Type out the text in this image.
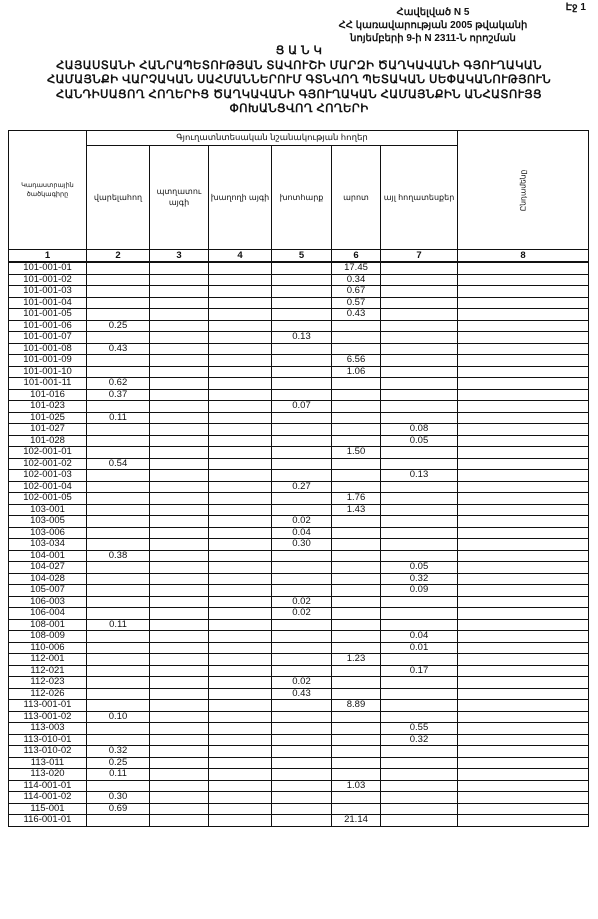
Էջ 1
Հավելված N 5
ՀՀ կառավարության 2005 թվականի
նոյեմբերի 9-ի N 2311-Ն որոշման
Ց Ա Ն Կ
ՀԱՅԱՍՏԱՆԻ ՀԱՆՐԱՊԵՏՈՒԹՅԱՆ ՏԱՎՈՒՇԻ ՄԱՐԶԻ ԾԱՂԿԱՎԱՆԻ ԳՅՈՒՂԱԿԱՆ
ՀԱՄԱՅՆՔԻ ՎԱՐՉԱԿԱՆ ՍԱՀՄԱՆՆԵՐՈՒՄ ԳՏՆՎՈՂ ՊԵՏԱԿԱՆ ՍԵՓԱԿԱՆՈՒԹՅՈՒՆ
ՀԱՆԴԻՍԱՑՈՂ ՀՈՂԵՐԻՑ ԾԱՂԿԱՎԱՆԻ ԳՅՈՒՂԱԿԱՆ ՀԱՄԱՅՆՔԻՆ ԱՆՀԱՏՈՒՅՑ
ՓՈԽԱՆՑՎՈՂ ՀՈՂԵՐԻ
Կադաստրային ծածկագիրը	Գյուղատնտեսական նշանակության հողեր						Ընդամենը
	վարելահող	պտղատու այգի	խաղողի այգի	խոտհարք	արոտ	այլ հողատեսքեր	
1	2	3	4	5	6	7	8
101-001-01					17.45		
101-001-02					0.34		
101-001-03					0.67		
101-001-04					0.57		
101-001-05					0.43		
101-001-06	0.25						
101-001-07				0.13			
101-001-08	0.43						
101-001-09					6.56		
101-001-10					1.06		
101-001-11	0.62						
101-016	0.37						
101-023				0.07			
101-025	0.11						
101-027						0.08	
101-028						0.05	
102-001-01					1.50		
102-001-02	0.54						
102-001-03						0.13	
102-001-04				0.27			
102-001-05					1.76		
103-001					1.43		
103-005				0.02			
103-006				0.04			
103-034				0.30			
104-001	0.38						
104-027						0.05	
104-028						0.32	
105-007						0.09	
106-003				0.02			
106-004				0.02			
108-001	0.11						
108-009						0.04	
110-006						0.01	
112-001					1.23		
112-021						0.17	
112-023				0.02			
112-026				0.43			
113-001-01					8.89		
113-001-02	0.10						
113-003						0.55	
113-010-01						0.32	
113-010-02	0.32						
113-011	0.25						
113-020	0.11						
114-001-01					1.03		
114-001-02	0.30						
115-001	0.69						
116-001-01					21.14		
